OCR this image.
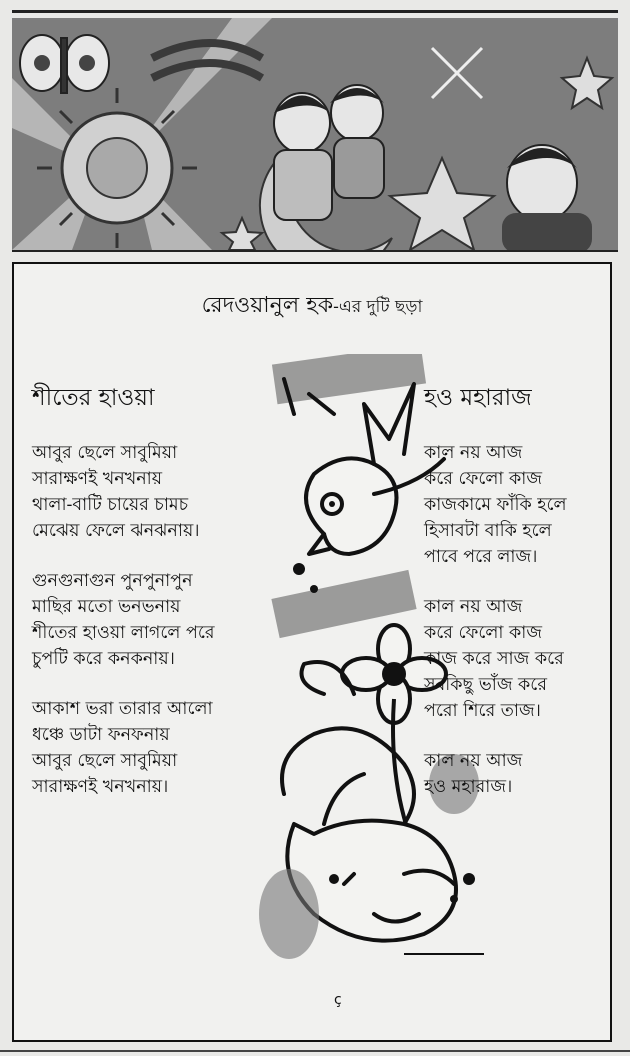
রেদওয়ানুল হক-এর দুটি ছড়া
শীতের হাওয়া
আবুর ছেলে সাবুমিয়া
সারাক্ষণই খনখনায়
থালা-বাটি চায়ের চামচ
মেঝেয় ফেলে ঝনঝনায়।
গুনগুনাগুন পুনপুনাপুন
মাছির মতো ভনভনায়
শীতের হাওয়া লাগলে পরে
চুপটি করে কনকনায়।
আকাশ ভরা তারার আলো
ধঞ্চে ডাটা ফনফনায়
আবুর ছেলে সাবুমিয়া
সারাক্ষণই খনখনায়।
ç
হও মহারাজ
কাল নয় আজ
করে ফেলো কাজ
কাজকামে ফাঁকি হলে
হিসাবটা বাকি হলে
পাবে পরে লাজ।
কাল নয় আজ
করে ফেলো কাজ
কাজ করে সাজ করে
সবকিছু ভাঁজ করে
পরো শিরে তাজ।
কাল নয় আজ
হও মহারাজ।
